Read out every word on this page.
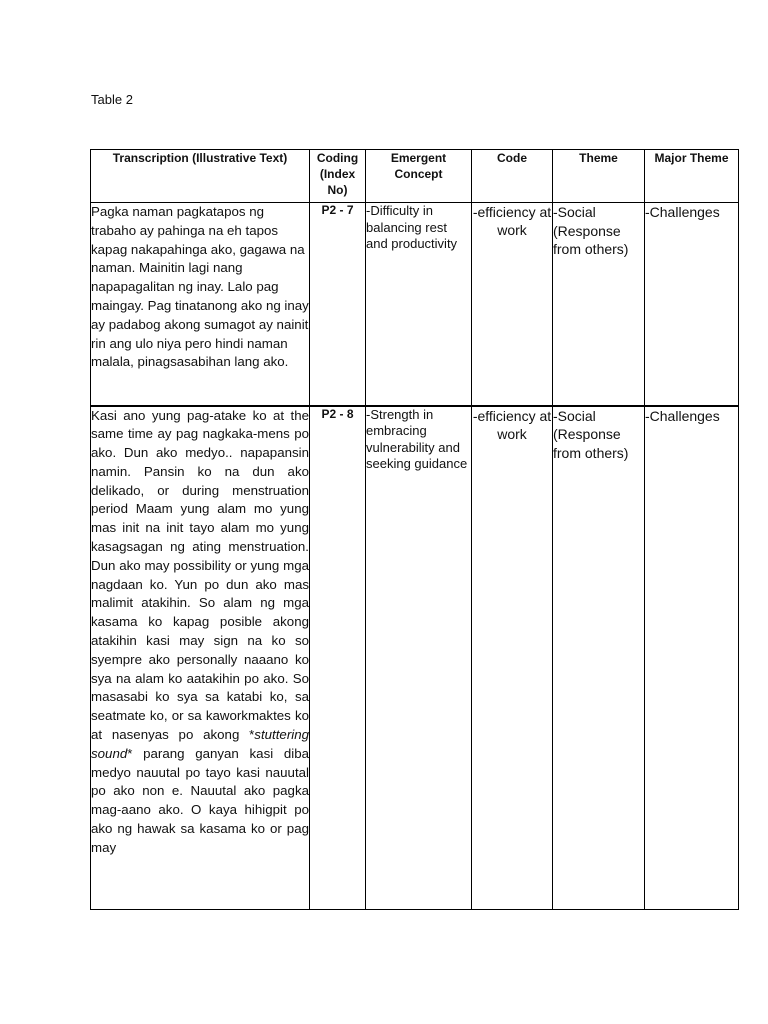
Table 2
Transcription (Illustrative Text)	Coding (Index No)	Emergent Concept	Code	Theme	Major Theme
Pagka naman pagkatapos ng trabaho ay pahinga na eh tapos kapag nakapahinga ako, gagawa na naman. Mainitin lagi nang napapagalitan ng inay. Lalo pag maingay. Pag tinatanong ako ng inay ay padabog akong sumagot ay nainit rin ang ulo niya pero hindi naman malala, pinagsasabihan lang ako.	P2 - 7	-Difficulty in balancing rest and productivity	-efficiency at work	-Social (Response from others)	-Challenges
Kasi ano yung pag-atake ko at the same time ay pag nagkaka-mens po ako. Dun ako medyo.. napapansin namin. Pansin ko na dun ako delikado, or during menstruation period Maam yung alam mo yung mas init na init tayo alam mo yung kasagsagan ng ating menstruation. Dun ako may possibility or yung mga nagdaan ko. Yun po dun ako mas malimit atakihin. So alam ng mga kasama ko kapag posible akong atakihin kasi may sign na ko so syempre ako personally naaano ko sya na alam ko aatakihin po ako. So masasabi ko sya sa katabi ko, sa seatmate ko, or sa kaworkmaktes ko at nasenyas po akong *stuttering sound* parang ganyan kasi diba medyo nauutal po tayo kasi nauutal po ako non e. Nauutal ako pagka mag-aano ako. O kaya hihigpit po ako ng hawak sa kasama ko or pag may	P2 - 8	-Strength in embracing vulnerability and seeking guidance	-efficiency at work	-Social (Response from others)	-Challenges
